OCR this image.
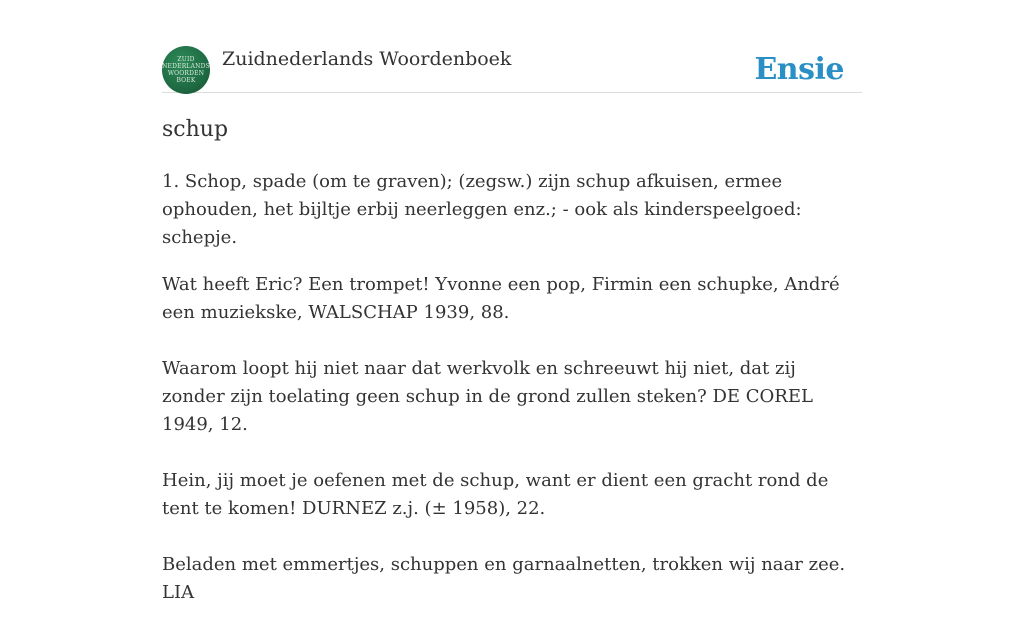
ZUID
NEDERLANDS
WOORDEN
BOEK
Zuidnederlands Woordenboek	Ensie
schup

1. Schop, spade (om te graven); (zegsw.) zijn schup afkuisen, ermee ophouden, het bijltje erbij neerleggen enz.; - ook als kinderspeelgoed: schepje.

Wat heeft Eric? Een trompet! Yvonne een pop, Firmin een schupke, André een muziekske, WALSCHAP 1939, 88.

Waarom loopt hij niet naar dat werkvolk en schreeuwt hij niet, dat zij zonder zijn toelating geen schup in de grond zullen steken? DE COREL 1949, 12.

Hein, jij moet je oefenen met de schup, want er dient een gracht rond de tent te komen! DURNEZ z.j. (± 1958), 22.

Beladen met emmertjes, schuppen en garnaalnetten, trokken wij naar zee. LIA
